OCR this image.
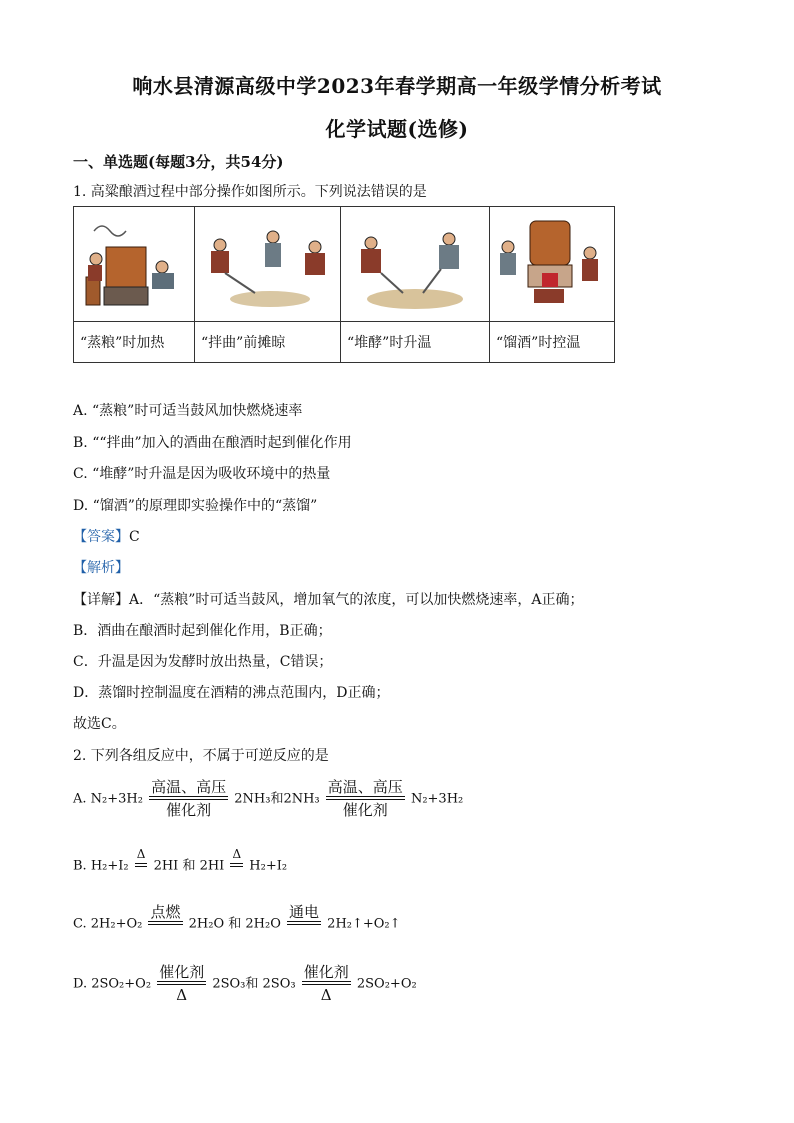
响水县清源高级中学2023年春学期高一年级学情分析考试
化学试题(选修)
一、单选题(每题3分，共54分)
1. 高粱酿酒过程中部分操作如图所示。下列说法错误的是

“蒸粮”时加热	“拌曲”前摊晾	“堆酵”时升温	“馏酒”时控温
A. “蒸粮”时可适当鼓风加快燃烧速率
B. ““拌曲”加入的酒曲在酿酒时起到催化作用
C. “堆酵”时升温是因为吸收环境中的热量
D. “馏酒”的原理即实验操作中的“蒸馏”
【答案】C
【解析】
【详解】A．“蒸粮”时可适当鼓风，增加氧气的浓度，可以加快燃烧速率，A正确；
B．酒曲在酿酒时起到催化作用，B正确；
C．升温是因为发酵时放出热量，C错误；
D．蒸馏时控制温度在酒精的沸点范围内，D正确；
故选C。
2. 下列各组反应中，不属于可逆反应的是
A. $N_2+3H_2 \frac{\text{高温、高压}}{\text{催化剂}} 2NH_3$和$2NH_3 \frac{\text{高温、高压}}{\text{催化剂}} N_2+3H_2$
B. H₂+I₂
Δ

2HI 和 2HI
Δ

H₂+I₂
C. 2H₂+O₂
点燃

2H₂O 和 2H₂O
通电

2H₂↑+O₂↑
D. $2SO_2+O_2 \frac{\text{催化剂}}{\Delta} 2SO_3$和 $2SO_3 \frac{\text{催化剂}}{\Delta} 2SO_2+O_2$
